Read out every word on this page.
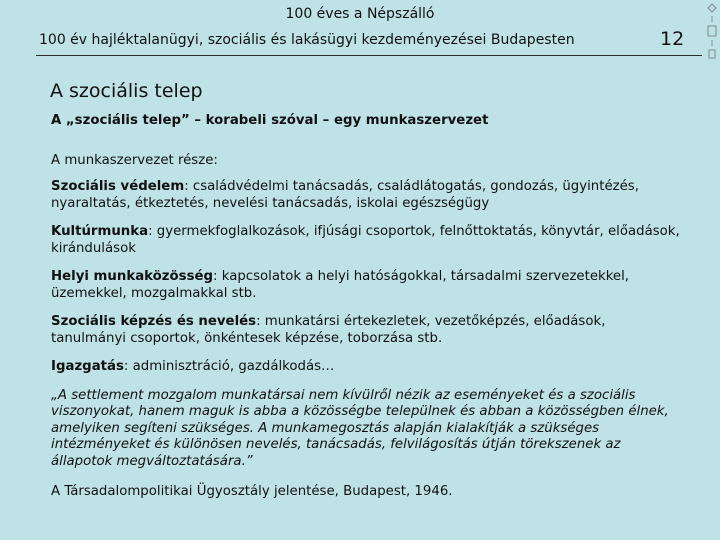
100 éves a Népszálló
100 év hajléktalanügyi, szociális és lakásügyi kezdeményezései Budapesten	12
A szociális telep

A „szociális telep” – korabeli szóval – egy munkaszervezet

A munkaszervezet része:

Szociális védelem: családvédelmi tanácsadás, családlátogatás, gondozás, ügyintézés, nyaraltatás, étkeztetés, nevelési tanácsadás, iskolai egészségügy

Kultúrmunka: gyermekfoglalkozások, ifjúsági csoportok, felnőttoktatás, könyvtár, előadások, kirándulások

Helyi munkaközösség: kapcsolatok a helyi hatóságokkal, társadalmi szervezetekkel, üzemekkel, mozgalmakkal stb.

Szociális képzés és nevelés: munkatársi értekezletek, vezetőképzés, előadások, tanulmányi csoportok, önkéntesek képzése, toborzása stb.

Igazgatás: adminisztráció, gazdálkodás…

„A settlement mozgalom munkatársai nem kívülről nézik az eseményeket és a szociális viszonyokat, hanem maguk is abba a közösségbe települnek és abban a közösségben élnek, amelyiken segíteni szükséges. A munkamegosztás alapján kialakítják a szükséges intézményeket és különösen nevelés, tanácsadás, felvilágosítás útján törekszenek az állapotok megváltoztatására.”

A Társadalompolitikai Ügyosztály jelentése, Budapest, 1946.
